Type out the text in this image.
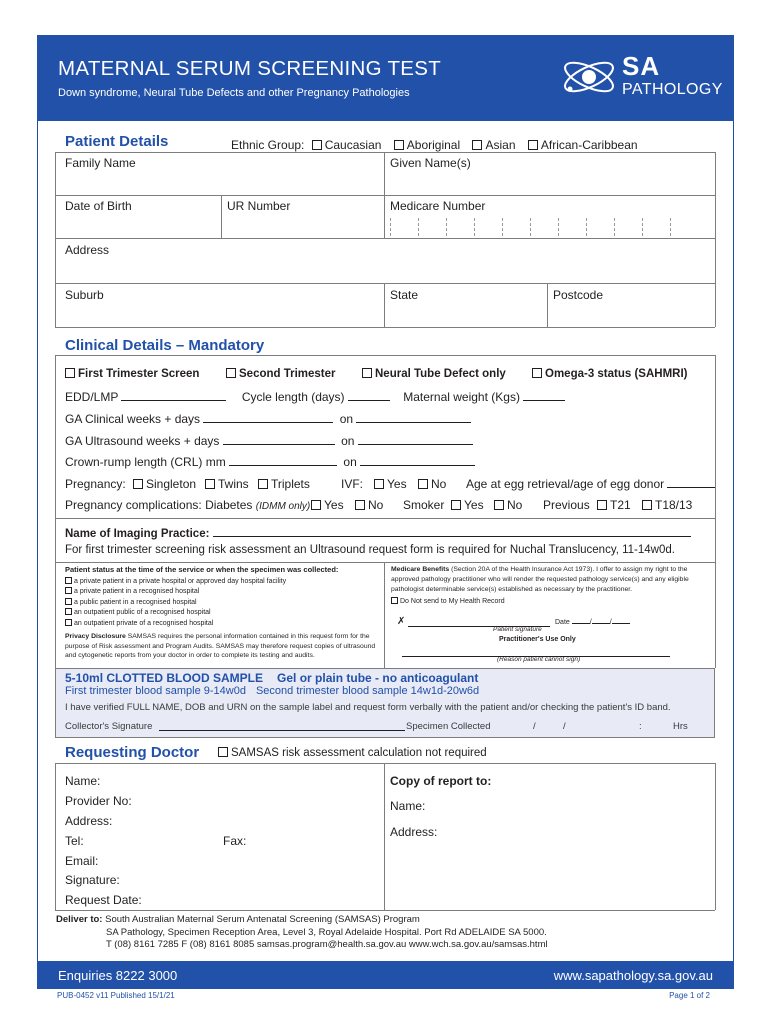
MATERNAL SERUM SCREENING TEST
Down syndrome, Neural Tube Defects and other Pregnancy Pathologies
SA
PATHOLOGY
Patient Details	Ethnic Group: Caucasian Aboriginal Asian African-Caribbean
Family Name	Given Name(s)
Date of Birth	UR Number	Medicare Number
Address
Suburb	State	Postcode
Clinical Details – Mandatory
First Trimester Screen	Second Trimester	Neural Tube Defect only	Omega-3 status (SAHMRI)
EDD/LMP	Cycle length (days)	Maternal weight (Kgs)
GA Clinical weeks + days	on
GA Ultrasound weeks + days	on
Crown-rump length (CRL) mm	on
Pregnancy:	Singleton	Twins	Triplets	IVF:	Yes	No Age at egg retrieval/age of egg donor
Pregnancy complications: Diabetes (IDMM only)	Yes	No Smoker	Yes	No Previous	T21	T18/13
Name of Imaging Practice:
For first trimester screening risk assessment an Ultrasound request form is required for Nuchal Translucency, 11-14w0d.
Patient status at the time of the service or when the specimen was collected:
a private patient in a private hospital or approved day hospital facility
a private patient in a recognised hospital
a public patient in a recognised hospital
an outpatient public of a recognised hospital
an outpatient private of a recognised hospital
Privacy Disclosure SAMSAS requires the personal information contained in this request form for the purpose of Risk assessment and Program Audits. SAMSAS may therefore request copies of ultrasound and cytogenetic reports from your doctor in order to complete its testing and audits.
Medicare Benefits (Section 20A of the Health Insurance Act 1973). I offer to assign my right to the approved pathology practitioner who will render the requested pathology service(s) and any eligible pathologist determinable service(s) established as necessary by the practitioner.
Do Not send to My Health Record
✗	Date	/	/
Patient signature
Practitioner's Use Only
(Reason patient cannot sign)
5-10ml CLOTTED BLOOD SAMPLE Gel or plain tube - no anticoagulant
First trimester blood sample 9-14w0d Second trimester blood sample 14w1d-20w6d
I have verified FULL NAME, DOB and URN on the sample label and request form verbally with the patient and/or checking the patient's ID band.
Collector's Signature	Specimen Collected	/	/	:	Hrs
Requesting Doctor	SAMSAS risk assessment calculation not required
Name:
Provider No:
Address:
Tel:	Fax:
Email:
Signature:
Request Date:
Copy of report to:
Name:
Address:
Deliver to: South Australian Maternal Serum Antenatal Screening (SAMSAS) Program
SA Pathology, Specimen Reception Area, Level 3, Royal Adelaide Hospital. Port Rd ADELAIDE SA 5000.
T (08) 8161 7285 F (08) 8161 8085 samsas.program@health.sa.gov.au www.wch.sa.gov.au/samsas.html
Enquiries 8222 3000	www.sapathology.sa.gov.au
PUB-0452 v11 Published 15/1/21	Page 1 of 2
